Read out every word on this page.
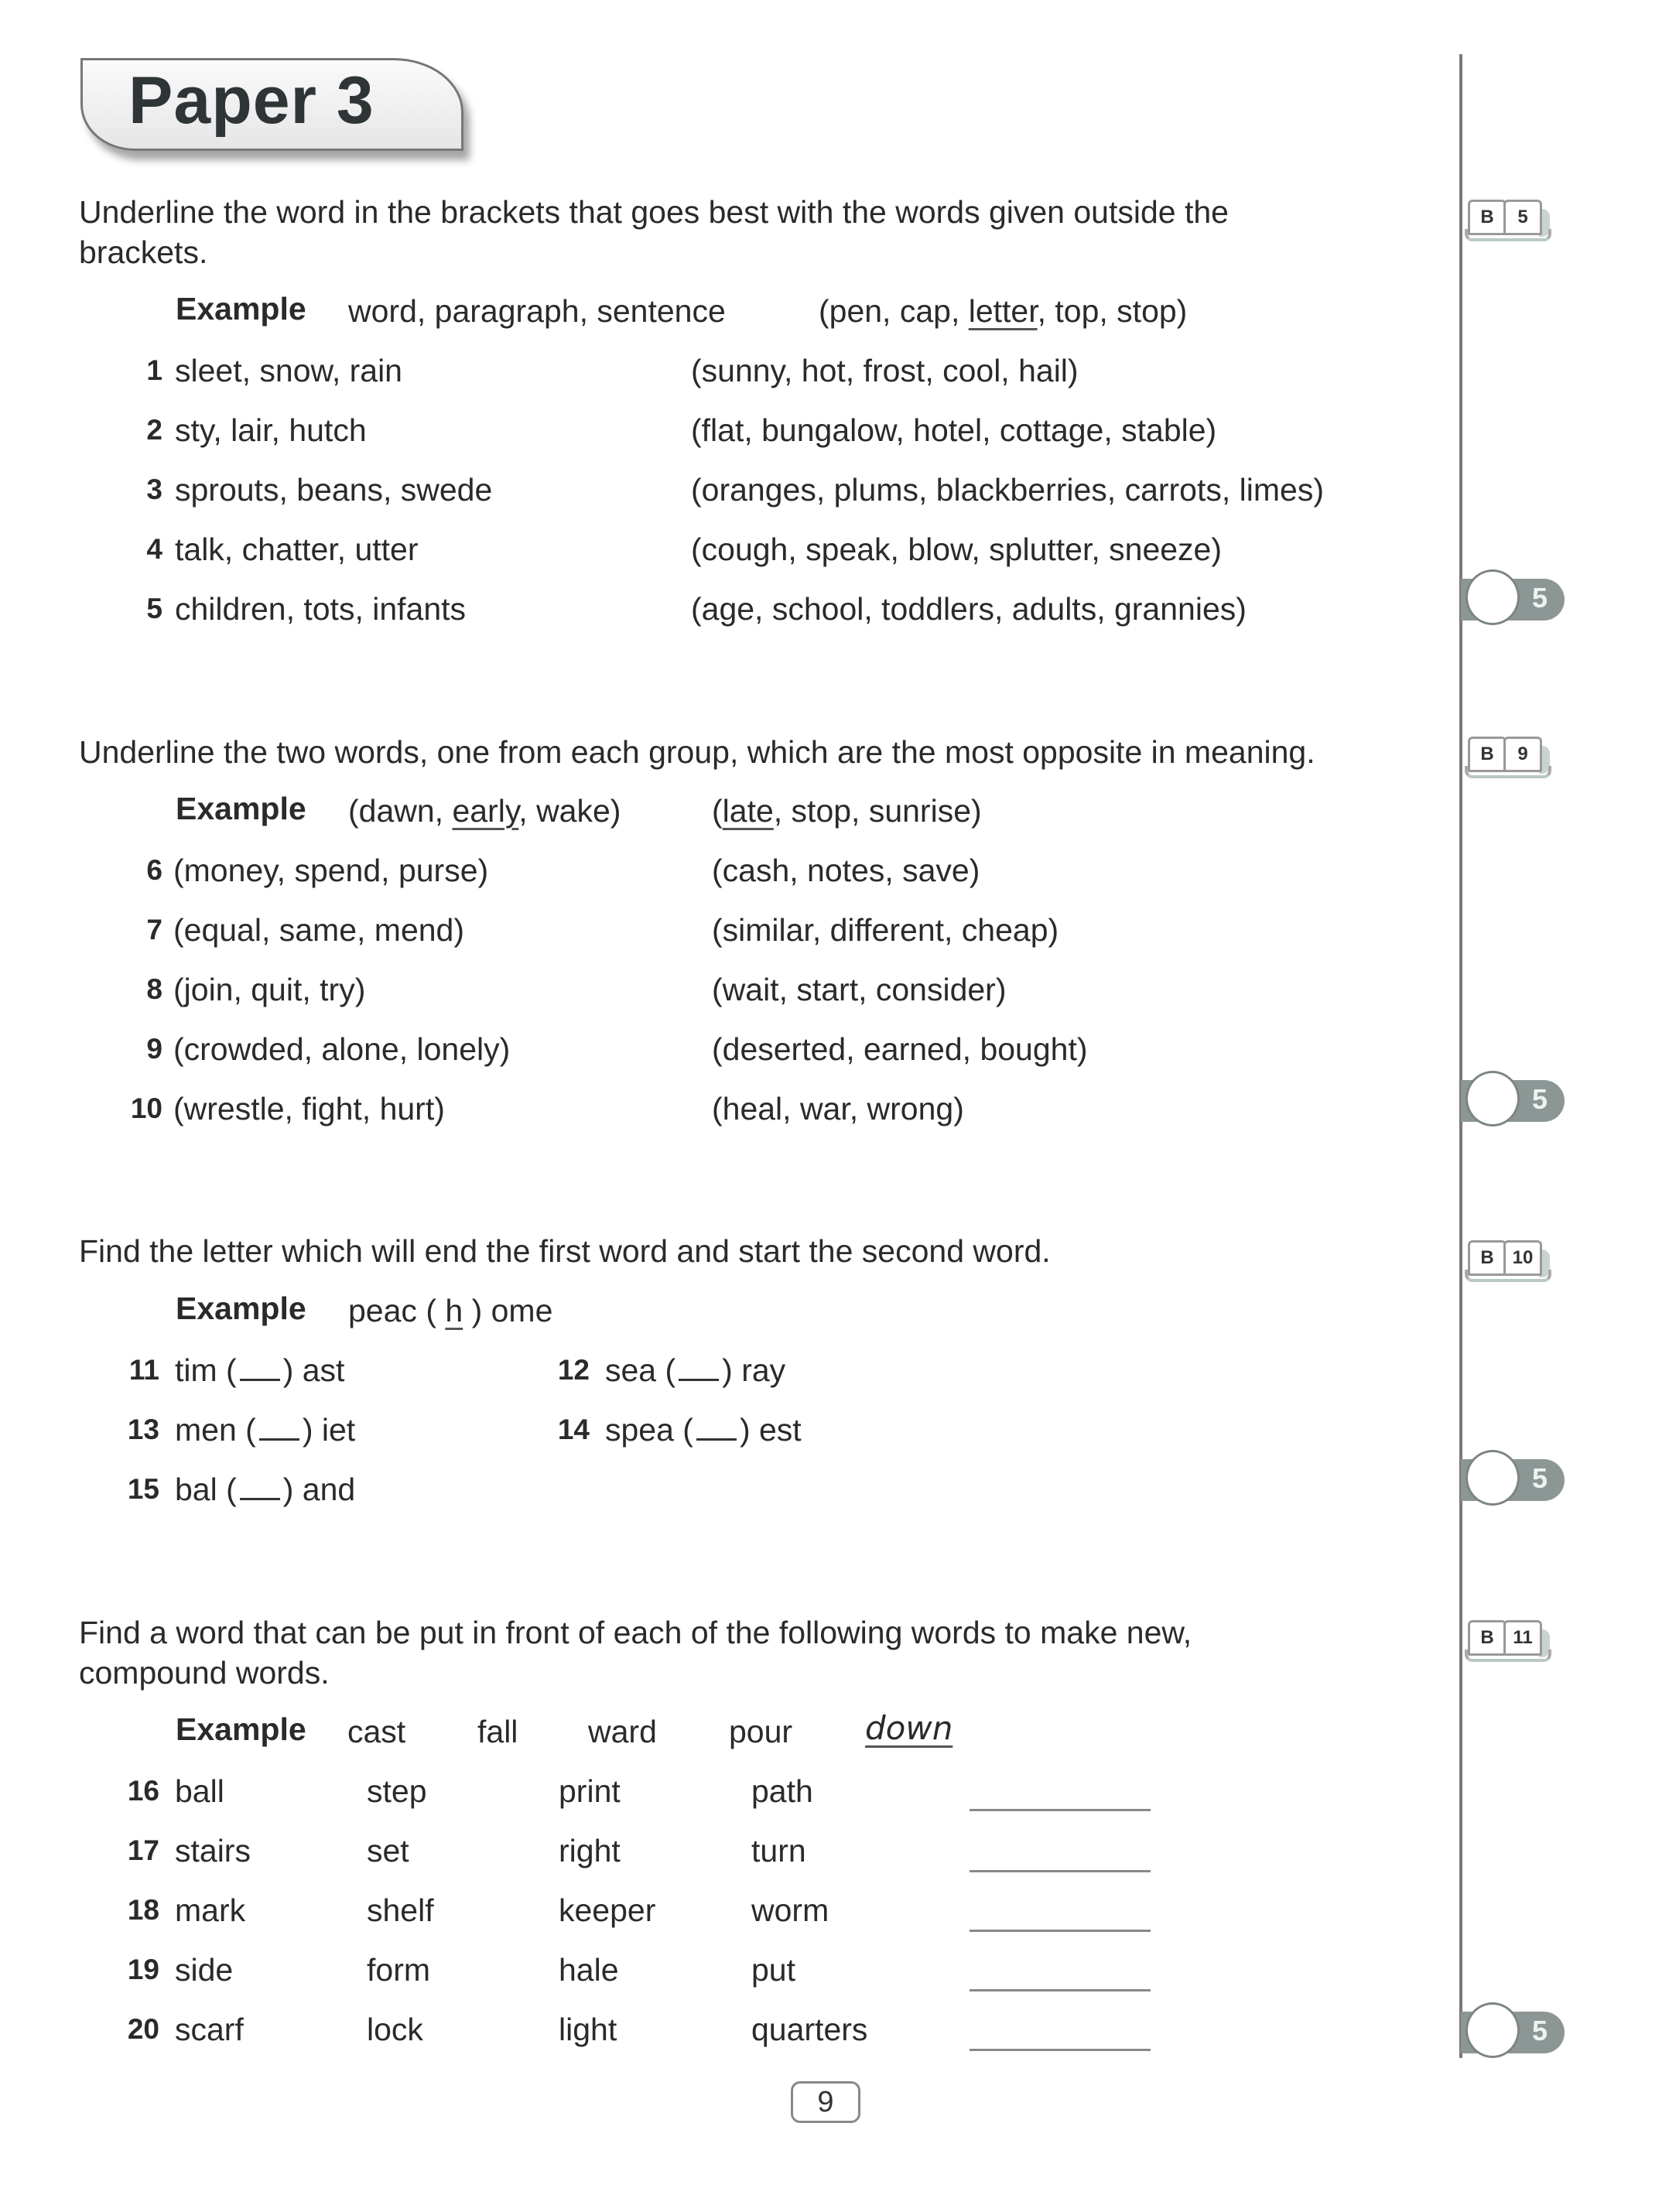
Paper 3
Underline the word in the brackets that goes best with the words given outside the
brackets.
B	5
Example word, paragraph, sentence	(pen, cap, letter, top, stop)
1 sleet, snow, rain	(sunny, hot, frost, cool, hail)
2 sty, lair, hutch	(flat, bungalow, hotel, cottage, stable)
3 sprouts, beans, swede	(oranges, plums, blackberries, carrots, limes)
4 talk, chatter, utter	(cough, speak, blow, splutter, sneeze)
5 children, tots, infants	(age, school, toddlers, adults, grannies)	5
Underline the two words, one from each group, which are the most opposite in meaning.	B	9
Example (dawn, early, wake)	(late, stop, sunrise)
6 (money, spend, purse)	(cash, notes, save)
7 (equal, same, mend)	(similar, different, cheap)
8 (join, quit, try)	(wait, start, consider)
9 (crowded, alone, lonely)	(deserted, earned, bought)
10 (wrestle, fight, hurt)	(heal, war, wrong)	5
Find the letter which will end the first word and start the second word.	B 10
Example peac ( h ) ome
11 tim ( ) ast	12 sea ( ) ray
13 men ( ) iet	14 spea ( ) est
15 bal ( ) and	5
Find a word that can be put in front of each of the following words to make new,
compound words.
B	11
Example cast fall ward pour down
16 ball	step	print	path
17 stairs	set	right	turn
18 mark	shelf	keeper	worm
19 side	form	hale	put
20 scarf	lock	light	quarters	5
9
